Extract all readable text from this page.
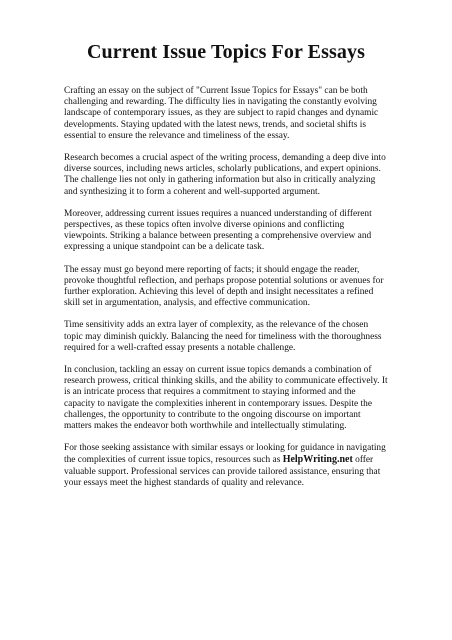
Current Issue Topics For Essays

Crafting an essay on the subject of "Current Issue Topics for Essays" can be both challenging and rewarding. The difficulty lies in navigating the constantly evolving landscape of contemporary issues, as they are subject to rapid changes and dynamic developments. Staying updated with the latest news, trends, and societal shifts is essential to ensure the relevance and timeliness of the essay.

Research becomes a crucial aspect of the writing process, demanding a deep dive into diverse sources, including news articles, scholarly publications, and expert opinions. The challenge lies not only in gathering information but also in critically analyzing and synthesizing it to form a coherent and well-supported argument.

Moreover, addressing current issues requires a nuanced understanding of different perspectives, as these topics often involve diverse opinions and conflicting viewpoints. Striking a balance between presenting a comprehensive overview and expressing a unique standpoint can be a delicate task.

The essay must go beyond mere reporting of facts; it should engage the reader, provoke thoughtful reflection, and perhaps propose potential solutions or avenues for further exploration. Achieving this level of depth and insight necessitates a refined skill set in argumentation, analysis, and effective communication.

Time sensitivity adds an extra layer of complexity, as the relevance of the chosen topic may diminish quickly. Balancing the need for timeliness with the thoroughness required for a well-crafted essay presents a notable challenge.

In conclusion, tackling an essay on current issue topics demands a combination of research prowess, critical thinking skills, and the ability to communicate effectively. It is an intricate process that requires a commitment to staying informed and the capacity to navigate the complexities inherent in contemporary issues. Despite the challenges, the opportunity to contribute to the ongoing discourse on important matters makes the endeavor both worthwhile and intellectually stimulating.

For those seeking assistance with similar essays or looking for guidance in navigating the complexities of current issue topics, resources such as HelpWriting.net offer valuable support. Professional services can provide tailored assistance, ensuring that your essays meet the highest standards of quality and relevance.
